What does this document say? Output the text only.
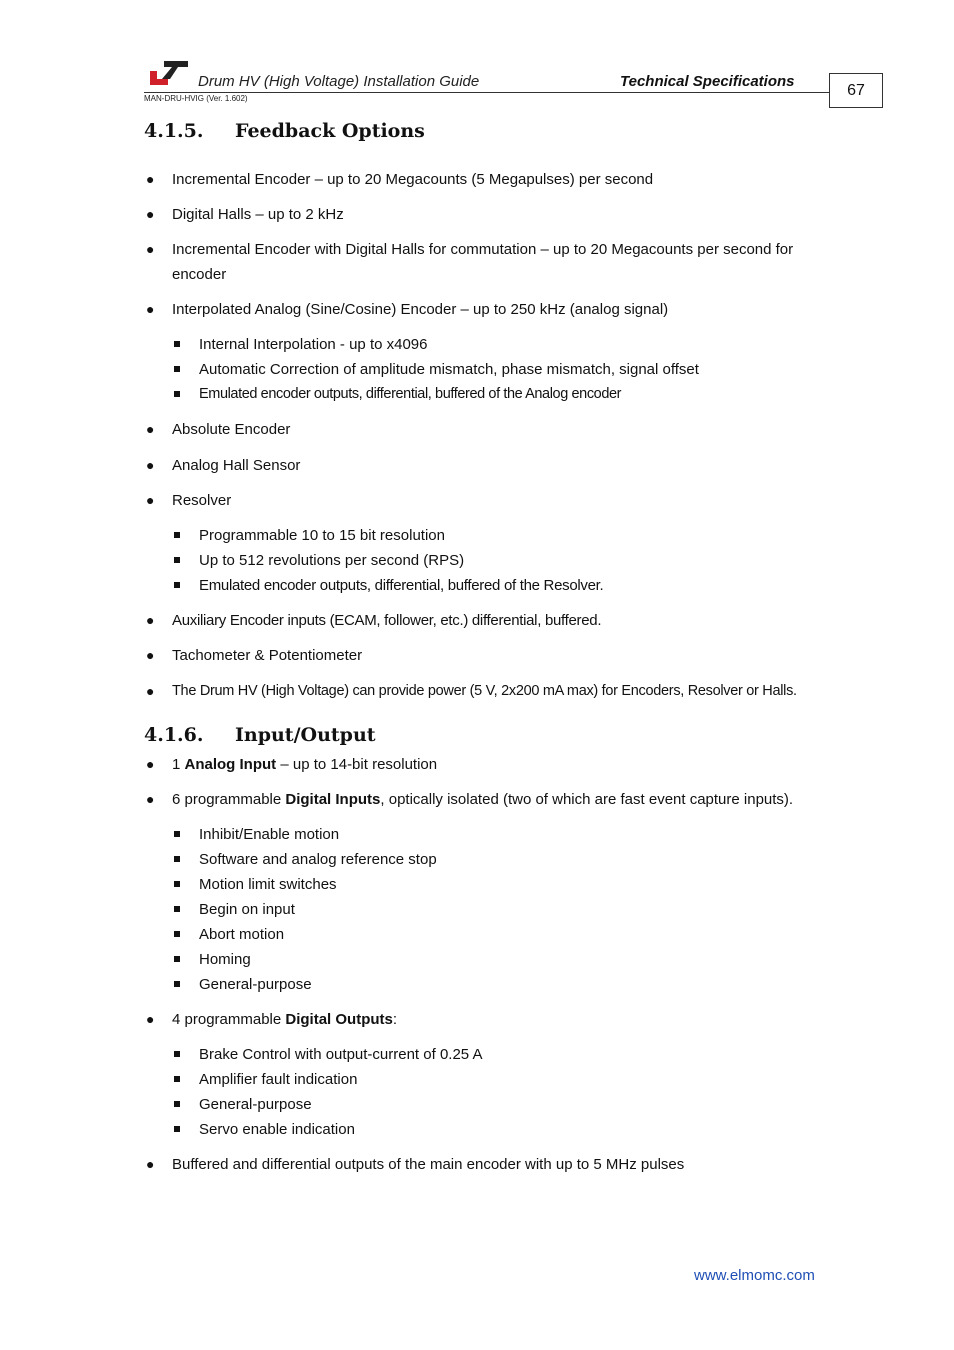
Drum HV (High Voltage) Installation Guide	Technical Specifications
MAN-DRU-HVIG (Ver. 1.602)	67
4.1.5.	Feedback Options
● Incremental Encoder – up to 20 Megacounts (5 Megapulses) per second
● Digital Halls – up to 2 kHz
● Incremental Encoder with Digital Halls for commutation – up to 20 Megacounts per second for encoder
● Interpolated Analog (Sine/Cosine) Encoder – up to 250 kHz (analog signal)
Internal Interpolation - up to x4096
Automatic Correction of amplitude mismatch, phase mismatch, signal offset
Emulated encoder outputs, differential, buffered of the Analog encoder
● Absolute Encoder
● Analog Hall Sensor
● Resolver
Programmable 10 to 15 bit resolution
Up to 512 revolutions per second (RPS)
Emulated encoder outputs, differential, buffered of the Resolver.
● Auxiliary Encoder inputs (ECAM, follower, etc.) differential, buffered.
● Tachometer & Potentiometer
● The Drum HV (High Voltage) can provide power (5 V, 2x200 mA max) for Encoders, Resolver or Halls.
4.1.6.	Input/Output
● 1 Analog Input – up to 14-bit resolution
● 6 programmable Digital Inputs, optically isolated (two of which are fast event capture inputs).
Inhibit/Enable motion
Software and analog reference stop
Motion limit switches
Begin on input
Abort motion
Homing
General-purpose
● 4 programmable Digital Outputs:
Brake Control with output-current of 0.25 A
Amplifier fault indication
General-purpose
Servo enable indication
● Buffered and differential outputs of the main encoder with up to 5 MHz pulses
www.elmomc.com
